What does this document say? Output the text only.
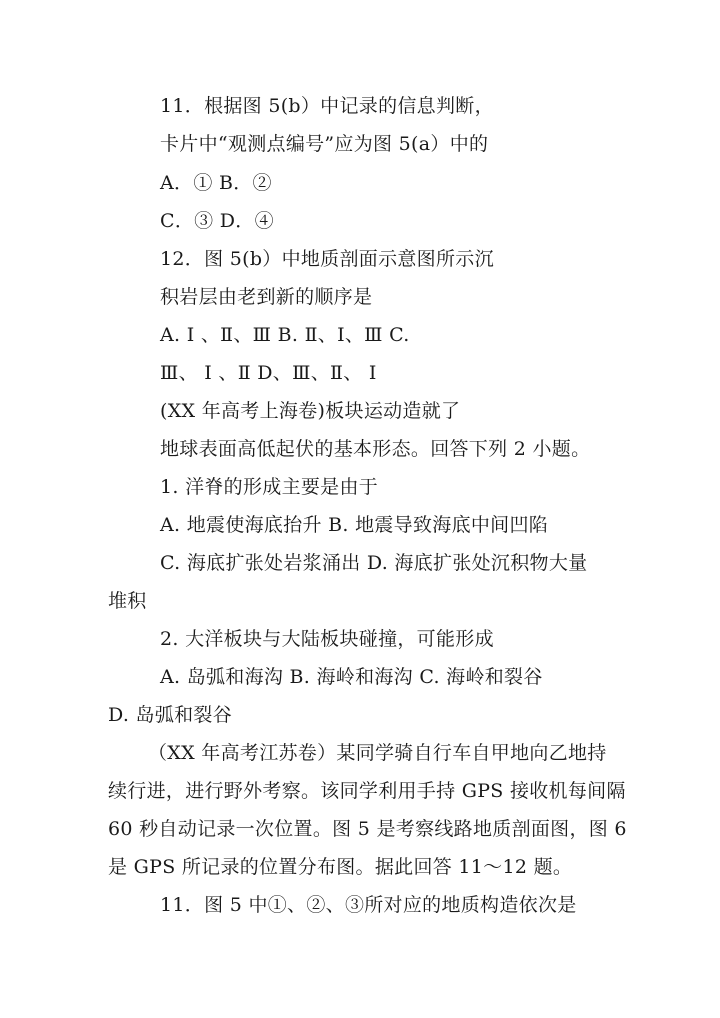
11．根据图 5(b）中记录的信息判断，
卡片中“观测点编号”应为图 5(a）中的
A．① B．②
C．③ D．④
12．图 5(b）中地质剖面示意图所示沉
积岩层由老到新的顺序是
A. Ⅰ 、Ⅱ、Ⅲ B. Ⅱ、Ⅰ、Ⅲ C.
Ⅲ、 Ⅰ 、Ⅱ D、Ⅲ、Ⅱ、 Ⅰ
(XX 年高考上海卷)板块运动造就了
地球表面高低起伏的基本形态。回答下列 2 小题。
1. 洋脊的形成主要是由于
A. 地震使海底抬升 B. 地震导致海底中间凹陷
C. 海底扩张处岩浆涌出 D. 海底扩张处沉积物大量
堆积
2. 大洋板块与大陆板块碰撞，可能形成
A. 岛弧和海沟 B. 海岭和海沟 C. 海岭和裂谷
D. 岛弧和裂谷
（XX 年高考江苏卷）某同学骑自行车自甲地向乙地持
续行进，进行野外考察。该同学利用手持 GPS 接收机每间隔
60 秒自动记录一次位置。图 5 是考察线路地质剖面图，图 6
是 GPS 所记录的位置分布图。据此回答 11～12 题。
11．图 5 中①、②、③所对应的地质构造依次是
